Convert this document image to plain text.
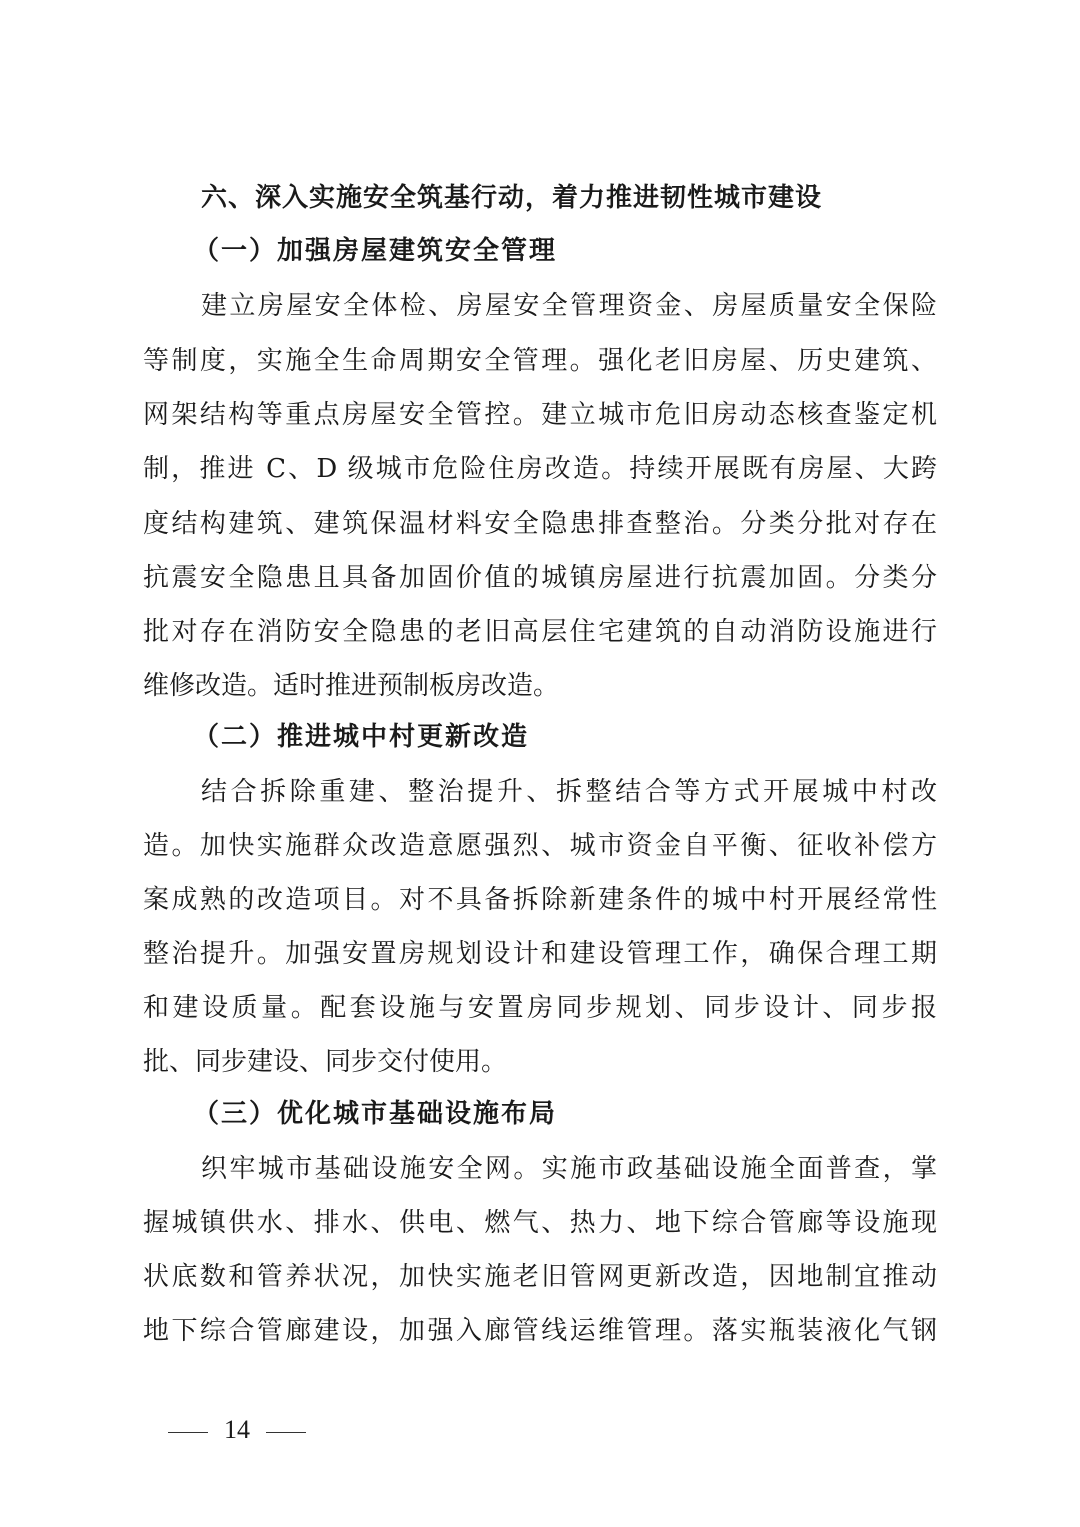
六、深入实施安全筑基行动，着力推进韧性城市建设
（一）加强房屋建筑安全管理
建立房屋安全体检、房屋安全管理资金、房屋质量安全保险
等制度，实施全生命周期安全管理。强化老旧房屋、历史建筑、
网架结构等重点房屋安全管控。建立城市危旧房动态核查鉴定机
制，推进 C、D 级城市危险住房改造。持续开展既有房屋、大跨
度结构建筑、建筑保温材料安全隐患排查整治。分类分批对存在
抗震安全隐患且具备加固价值的城镇房屋进行抗震加固。分类分
批对存在消防安全隐患的老旧高层住宅建筑的自动消防设施进行
维修改造。适时推进预制板房改造。
（二）推进城中村更新改造
结合拆除重建、整治提升、拆整结合等方式开展城中村改
造。加快实施群众改造意愿强烈、城市资金自平衡、征收补偿方
案成熟的改造项目。对不具备拆除新建条件的城中村开展经常性
整治提升。加强安置房规划设计和建设管理工作，确保合理工期
和建设质量。配套设施与安置房同步规划、同步设计、同步报
批、同步建设、同步交付使用。
（三）优化城市基础设施布局
织牢城市基础设施安全网。实施市政基础设施全面普查，掌
握城镇供水、排水、供电、燃气、热力、地下综合管廊等设施现
状底数和管养状况，加快实施老旧管网更新改造，因地制宜推动
地下综合管廊建设，加强入廊管线运维管理。落实瓶装液化气钢
14
